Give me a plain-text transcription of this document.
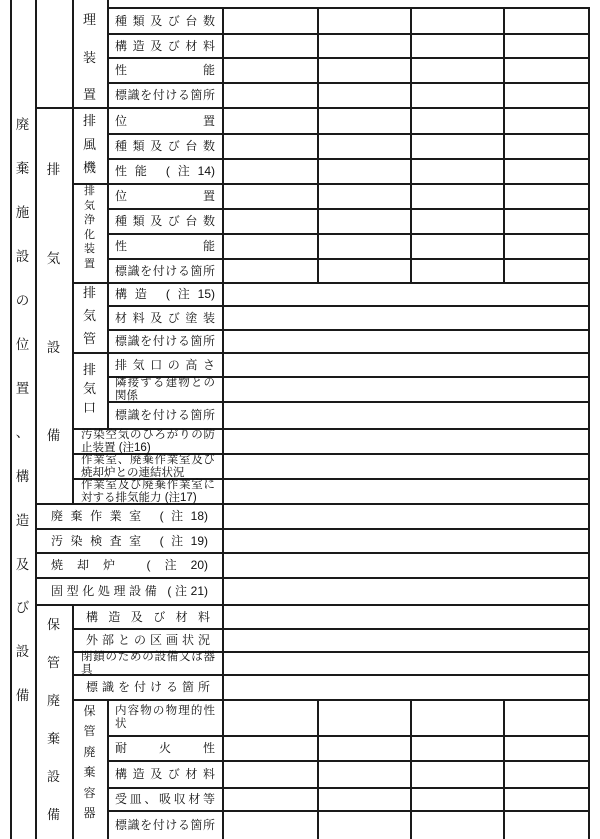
廃
棄
施
設
の
位
置
、
構
造
及
び
設
備
排
気
設
備
保
管
廃
棄
設
備
理
装
置
排
風
機
排
気
浄
化
装
置
排
気
管
排
気
口
保
管
廃
棄
容
器
種類及び台数
構造及び材料
性能
標識を付ける箇所
位置
種類及び台数
性能 (注14)
位置
種類及び台数
性能
標識を付ける箇所
構造 (注15)
材料及び塗装
標識を付ける箇所
排気口の高さ
隣接する建物との関係
標識を付ける箇所
汚染空気のひろがりの防止装置 (注16)
作業室、廃棄作業室及び焼却炉との連結状況
作業室及び廃棄作業室に対する排気能力 (注17)
廃棄作業室 (注18)
汚染検査室 (注19)
焼却炉 (注20)
固型化処理設備 (注21)
構造及び材料
外部との区画状況
閉鎖のための設備又は器具
標識を付ける箇所
内容物の物理的性状
耐火性
構造及び材料
受皿、吸収材等
標識を付ける箇所
